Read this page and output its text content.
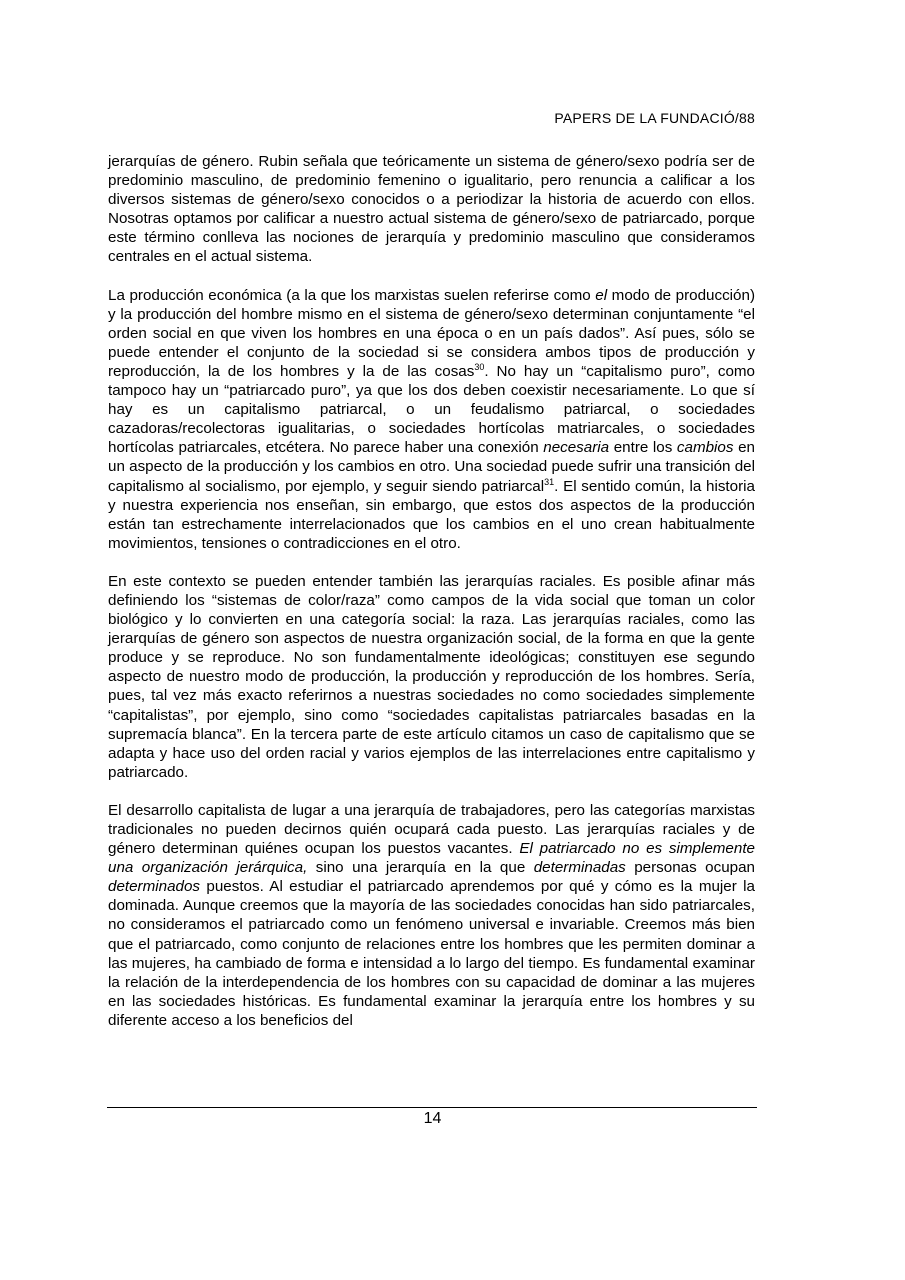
PAPERS DE LA FUNDACIÓ/88

jerarquías de género. Rubin señala que teóricamente un sistema de género/sexo podría ser de predominio masculino, de predominio femenino o igualitario, pero renuncia a calificar a los diversos sistemas de género/sexo conocidos o a periodizar la historia de acuerdo con ellos. Nosotras optamos por calificar a nuestro actual sistema de género/sexo de patriarcado, porque este término conlleva las nociones de jerarquía y predominio masculino que consideramos centrales en el actual sistema.

La producción económica (a la que los marxistas suelen referirse como el modo de producción) y la producción del hombre mismo en el sistema de género/sexo determinan conjuntamente “el orden social en que viven los hombres en una época o en un país dados”. Así pues, sólo se puede entender el conjunto de la sociedad si se considera ambos tipos de producción y reproducción, la de los hombres y la de las cosas$^{30}$. No hay un “capitalismo puro”, como tampoco hay un “patriarcado puro”, ya que los dos deben coexistir necesariamente. Lo que sí hay es un capitalismo patriarcal, o un feudalismo patriarcal, o sociedades cazadoras/recolectoras igualitarias, o sociedades hortícolas matriarcales, o sociedades hortícolas patriarcales, etcétera. No parece haber una conexión necesaria entre los cambios en un aspecto de la producción y los cambios en otro. Una sociedad puede sufrir una transición del capitalismo al socialismo, por ejemplo, y seguir siendo patriarcal$^{31}$. El sentido común, la historia y nuestra experiencia nos enseñan, sin embargo, que estos dos aspectos de la producción están tan estrechamente interrelacionados que los cambios en el uno crean habitualmente movimientos, tensiones o contradicciones en el otro.

En este contexto se pueden entender también las jerarquías raciales. Es posible afinar más definiendo los “sistemas de color/raza” como campos de la vida social que toman un color biológico y lo convierten en una categoría social: la raza. Las jerarquías raciales, como las jerarquías de género son aspectos de nuestra organización social, de la forma en que la gente produce y se reproduce. No son fundamentalmente ideológicas; constituyen ese segundo aspecto de nuestro modo de producción, la producción y reproducción de los hombres. Sería, pues, tal vez más exacto referirnos a nuestras sociedades no como sociedades simplemente “capitalistas”, por ejemplo, sino como “sociedades capitalistas patriarcales basadas en la supremacía blanca”. En la tercera parte de este artículo citamos un caso de capitalismo que se adapta y hace uso del orden racial y varios ejemplos de las interrelaciones entre capitalismo y patriarcado.

El desarrollo capitalista de lugar a una jerarquía de trabajadores, pero las categorías marxistas tradicionales no pueden decirnos quién ocupará cada puesto. Las jerarquías raciales y de género determinan quiénes ocupan los puestos vacantes. El patriarcado no es simplemente una organización jerárquica, sino una jerarquía en la que determinadas personas ocupan determinados puestos. Al estudiar el patriarcado aprendemos por qué y cómo es la mujer la dominada. Aunque creemos que la mayoría de las sociedades conocidas han sido patriarcales, no consideramos el patriarcado como un fenómeno universal e invariable. Creemos más bien que el patriarcado, como conjunto de relaciones entre los hombres que les permiten dominar a las mujeres, ha cambiado de forma e intensidad a lo largo del tiempo. Es fundamental examinar la relación de la interdependencia de los hombres con su capacidad de dominar a las mujeres en las sociedades históricas. Es fundamental examinar la jerarquía entre los hombres y su diferente acceso a los beneficios del

14
